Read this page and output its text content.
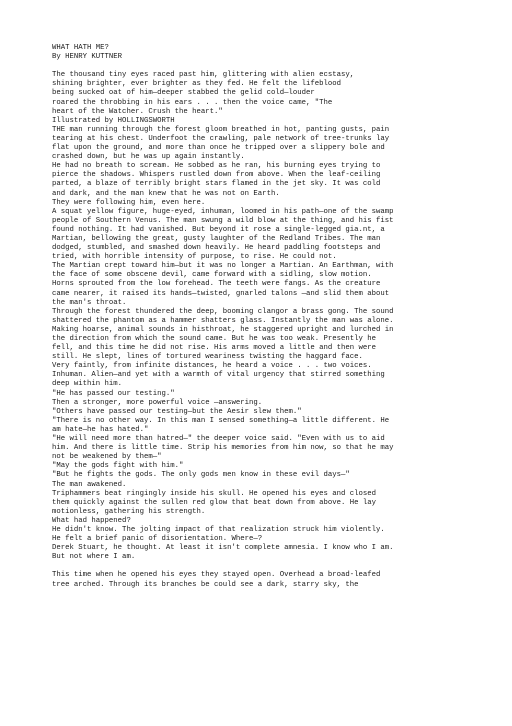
WHAT HATH ME?
By HENRY KUTTNER
The thousand tiny eyes raced past him, glittering with alien ecstasy,
shining brighter, ever brighter as they fed. He felt the lifeblood
being sucked oat of him—deeper stabbed the gelid cold—louder
roared the throbbing in his ears . . . then the voice came, "The
heart of the Watcher. Crush the heart."
Illustrated by HOLLINGSWORTH
THE man running through the forest gloom breathed in hot, panting gusts, pain
tearing at his chest. Underfoot the crawling, pale network of tree-trunks lay
flat upon the ground, and more than once he tripped over a slippery bole and
crashed down, but he was up again instantly.
He had no breath to scream. He sobbed as he ran, his burning eyes trying to
pierce the shadows. Whispers rustled down from above. When the leaf-ceiling
parted, a blaze of terribly bright stars flamed in the jet sky. It was cold
and dark, and the man knew that he was not on Earth.
They were following him, even here.
A squat yellow figure, huge-eyed, inhuman, loomed in his path—one of the swamp
people of Southern Venus. The man swung a wild blow at the thing, and his fist
found nothing. It had vanished. But beyond it rose a single-legged gia.nt, a
Martian, bellowing the great, gusty laughter of the Redland Tribes. The man
dodged, stumbled, and smashed down heavily. He heard paddling footsteps and
tried, with horrible intensity of purpose, to rise. He could not.
The Martian crept toward him—but it was no longer a Martian. An Earthman, with
the face of some obscene devil, came forward with a sidling, slow motion.
Horns sprouted from the low forehead. The teeth were fangs. As the creature
came nearer, it raised its hands—twisted, gnarled talons —and slid them about
the man's throat.
Through the forest thundered the deep, booming clangor a brass gong. The sound
shattered the phantom as a hammer shatters glass. Instantly the man was alone.
Making hoarse, animal sounds in histhroat, he staggered upright and lurched in
the direction from which the sound came. But he was too weak. Presently he
fell, and this time he did not rise. His arms moved a little and then were
still. He slept, lines of tortured weariness twisting the haggard face.
Very faintly, from infinite distances, he heard a voice . . . two voices.
Inhuman. Alien—and yet with a warmth of vital urgency that stirred something
deep within him.
"He has passed our testing."
Then a stronger, more powerful voice —answering.
"Others have passed our testing—but the Aesir slew them."
"There is no other way. In this man I sensed something—a little different. He
am hate—he has hated."
"He will need more than hatred—" the deeper voice said. "Even with us to aid
him. And there is little time. Strip his memories from him now, so that he may
not be weakened by them—"
"May the gods fight with him."
"But he fights the gods. The only gods men know in these evil days—"
The man awakened.
Triphammers beat ringingly inside his skull. He opened his eyes and closed
them quickly against the sullen red glow that beat down from above. He lay
motionless, gathering his strength.
What had happened?
He didn't know. The jolting impact of that realization struck him violently.
He felt a brief panic of disorientation. Where—?
Derek Stuart, he thought. At least it isn't complete amnesia. I know who I am.
But not where I am.
This time when he opened his eyes they stayed open. Overhead a broad-leafed
tree arched. Through its branches be could see a dark, starry sky, the
